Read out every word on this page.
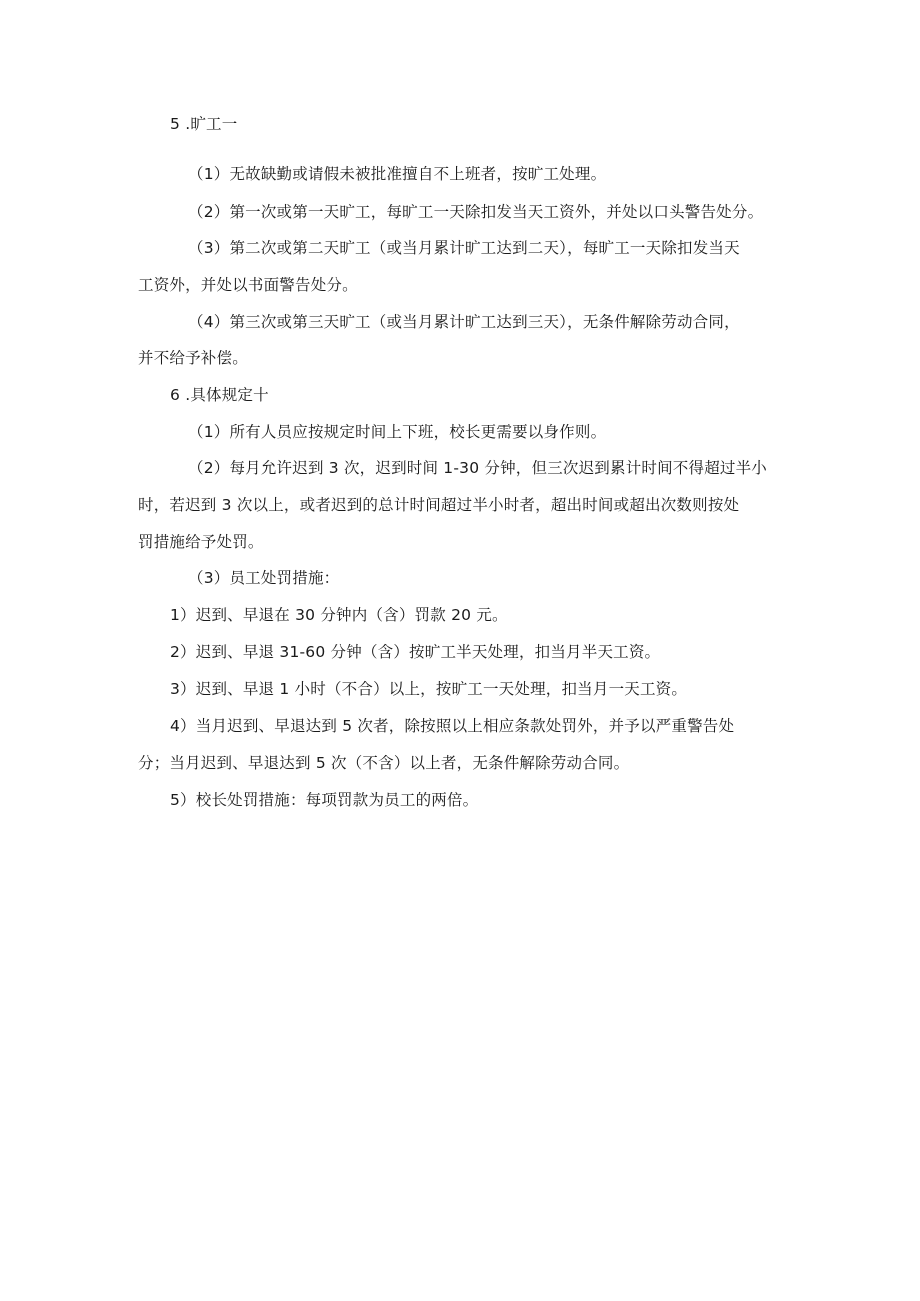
5 .旷工一
（1）无故缺勤或请假未被批准擅自不上班者，按旷工处理。
（2）第一次或第一天旷工，每旷工一天除扣发当天工资外，并处以口头警告处分。
（3）第二次或第二天旷工（或当月累计旷工达到二天），每旷工一天除扣发当天
工资外，并处以书面警告处分。
（4）第三次或第三天旷工（或当月累计旷工达到三天），无条件解除劳动合同，
并不给予补偿。
6 .具体规定十
（1）所有人员应按规定时间上下班，校长更需要以身作则。
（2）每月允许迟到 3 次，迟到时间 1-30 分钟，但三次迟到累计时间不得超过半小
时，若迟到 3 次以上，或者迟到的总计时间超过半小时者，超出时间或超出次数则按处
罚措施给予处罚。
（3）员工处罚措施：
1）迟到、早退在 30 分钟内（含）罚款 20 元。
2）迟到、早退 31-60 分钟（含）按旷工半天处理，扣当月半天工资。
3）迟到、早退 1 小时（不合）以上，按旷工一天处理，扣当月一天工资。
4）当月迟到、早退达到 5 次者，除按照以上相应条款处罚外，并予以严重警告处
分；当月迟到、早退达到 5 次（不含）以上者，无条件解除劳动合同。
5）校长处罚措施：每项罚款为员工的两倍。
